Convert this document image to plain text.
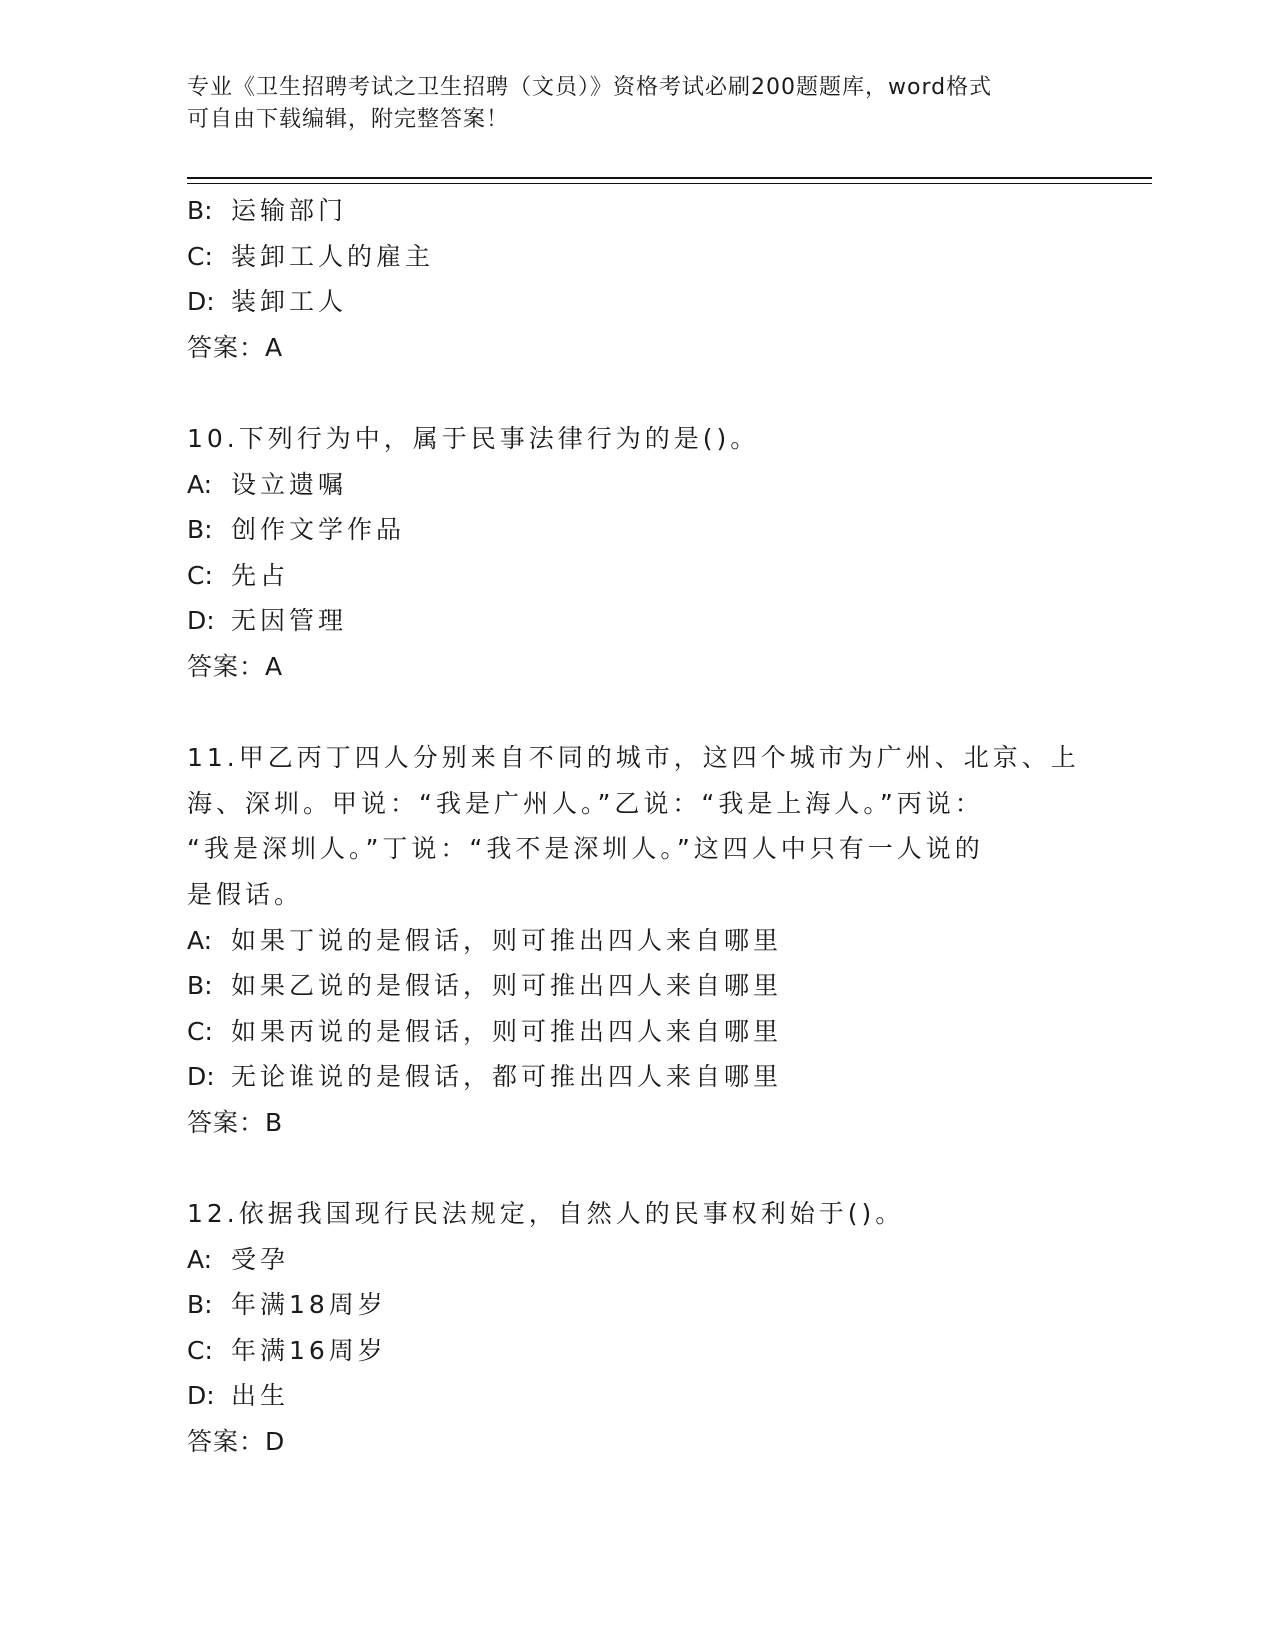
专业《卫生招聘考试之卫生招聘（文员）》资格考试必刷200题题库，word格式
可自由下载编辑，附完整答案！
B: 运输部门
C: 装卸工人的雇主
D: 装卸工人
答案：A
10.下列行为中，属于民事法律行为的是()。
A: 设立遗嘱
B: 创作文学作品
C: 先占
D: 无因管理
答案：A
11.甲乙丙丁四人分别来自不同的城市，这四个城市为广州、北京、上
海、深圳。甲说：“我是广州人。”乙说：“我是上海人。”丙说：
“我是深圳人。”丁说：“我不是深圳人。”这四人中只有一人说的
是假话。
A: 如果丁说的是假话，则可推出四人来自哪里
B: 如果乙说的是假话，则可推出四人来自哪里
C: 如果丙说的是假话，则可推出四人来自哪里
D: 无论谁说的是假话，都可推出四人来自哪里
答案：B
12.依据我国现行民法规定，自然人的民事权利始于()。
A: 受孕
B: 年满18周岁
C: 年满16周岁
D: 出生
答案：D
